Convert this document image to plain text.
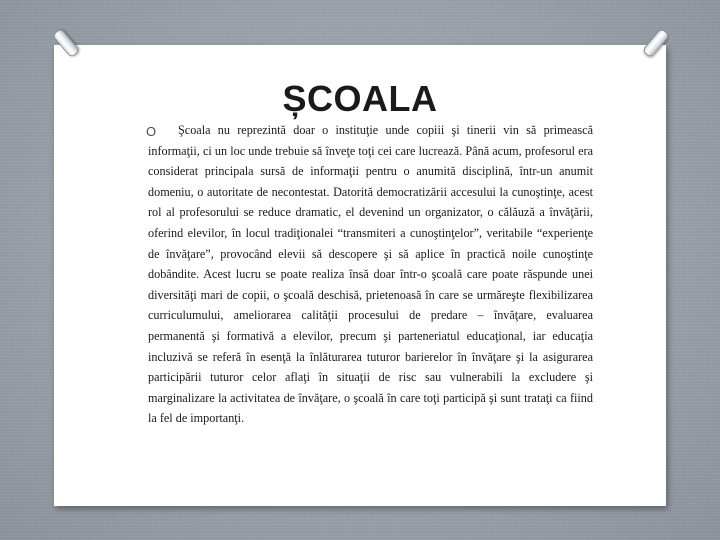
ȘCOALA
O	Şcoala nu reprezintă doar o instituţie unde copiii şi tinerii vin să primească informaţii, ci un loc unde trebuie să înveţe toţi cei care lucrează. Până acum, profesorul era considerat principala sursă de informaţii pentru o anumită disciplină, într-un anumit domeniu, o autoritate de necontestat. Datorită democratizării accesului la cunoştinţe, acest rol al profesorului se reduce dramatic, el devenind un organizator, o călăuză a învăţării, oferind elevilor, în locul tradiţionalei “transmiteri a cunoştinţelor”, veritabile “experienţe de învăţare”, provocând elevii să descopere şi să aplice în practică noile cunoştinţe dobândite. Acest lucru se poate realiza însă doar într-o şcoală care poate răspunde unei diversităţi mari de copii, o şcoală deschisă, prietenoasă în care se urmăreşte flexibilizarea curriculumului, ameliorarea calităţii procesului de predare – învăţare, evaluarea permanentă şi formativă a elevilor, precum şi parteneriatul educaţional, iar educaţia incluzivă se referă în esenţă la înlăturarea tuturor barierelor în învăţare şi la asigurarea participării tuturor celor aflaţi în situaţii de risc sau vulnerabili la excludere şi marginalizare la activitatea de învăţare, o şcoală în care toţi participă şi sunt trataţi ca fiind la fel de importanţi.
